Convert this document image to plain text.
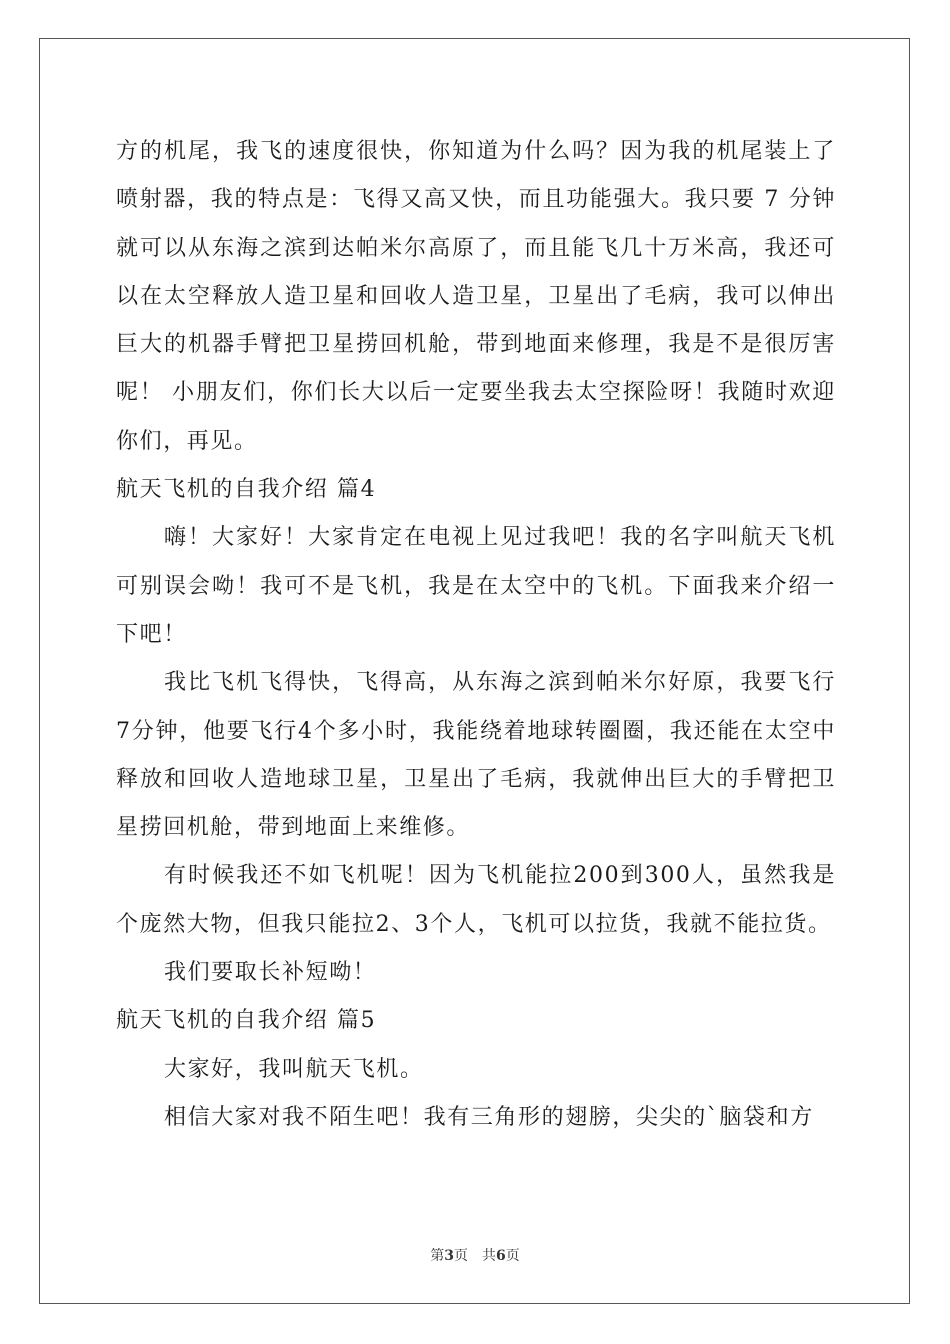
方的机尾，我飞的速度很快，你知道为什么吗？因为我的机尾装上了喷射器，我的特点是：飞得又高又快，而且功能强大。我只要 7 分钟就可以从东海之滨到达帕米尔高原了，而且能飞几十万米高，我还可以在太空释放人造卫星和回收人造卫星，卫星出了毛病，我可以伸出巨大的机器手臂把卫星捞回机舱，带到地面来修理，我是不是很厉害呢！ 小朋友们，你们长大以后一定要坐我去太空探险呀！我随时欢迎你们，再见。

航天飞机的自我介绍 篇4

嗨！大家好！大家肯定在电视上见过我吧！我的名字叫航天飞机可别误会呦！我可不是飞机，我是在太空中的飞机。下面我来介绍一下吧！

我比飞机飞得快，飞得高，从东海之滨到帕米尔好原，我要飞行7分钟，他要飞行4个多小时，我能绕着地球转圈圈，我还能在太空中释放和回收人造地球卫星，卫星出了毛病，我就伸出巨大的手臂把卫星捞回机舱，带到地面上来维修。

有时候我还不如飞机呢！因为飞机能拉200到300人，虽然我是个庞然大物，但我只能拉2、3个人，飞机可以拉货，我就不能拉货。

我们要取长补短呦！

航天飞机的自我介绍 篇5

大家好，我叫航天飞机。

相信大家对我不陌生吧！我有三角形的翅膀，尖尖的`脑袋和方

第3页 共6页
